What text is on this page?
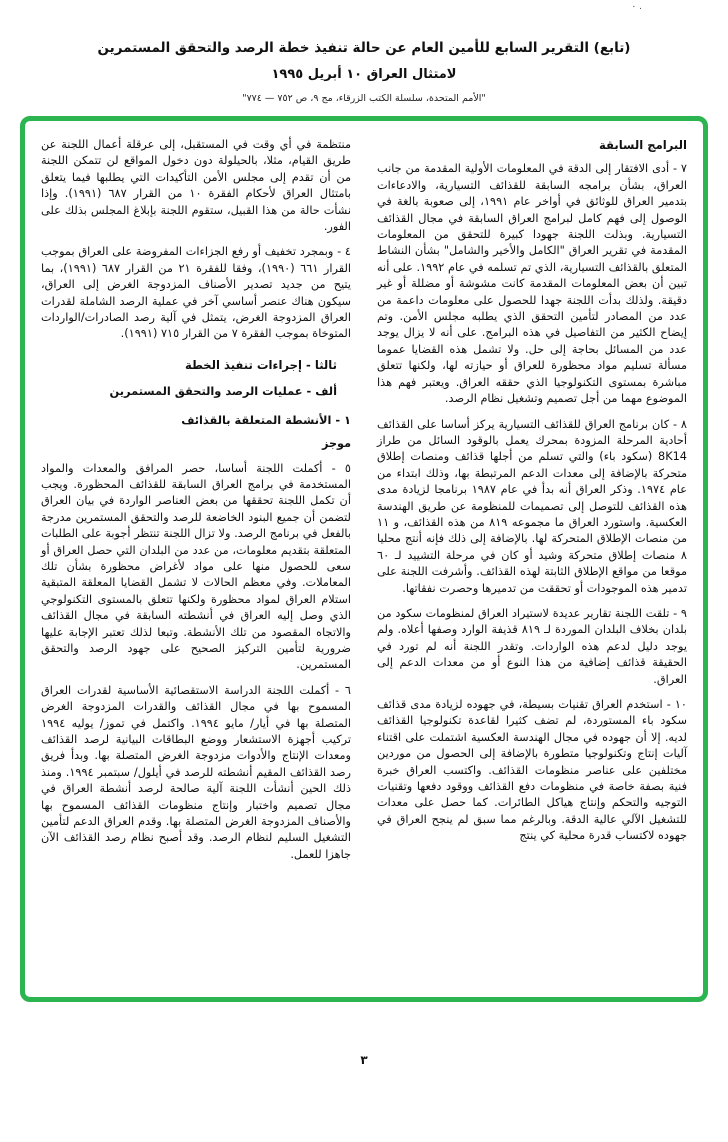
٠ .
(تابع) التقرير السابع للأمين العام عن حالة تنفيذ خطة الرصد والتحقق المستمرين
لامتثال العراق ١٠ أبريل ١٩٩٥
"الأمم المتحدة، سلسلة الكتب الزرقاء، مج ٩، ص ٧٥٢ — ٧٧٤"
البرامج السابقة

٧ - أدى الافتقار إلى الدقة في المعلومات الأولية المقدمة من جانب العراق، بشأن برامجه السابقة للقذائف التسيارية، والادعاءات بتدمير العراق للوثائق في أواخر عام ١٩٩١، إلى صعوبة بالغة في الوصول إلى فهم كامل لبرامج العراق السابقة في مجال القذائف التسيارية. وبذلت اللجنة جهودا كبيرة للتحقق من المعلومات المقدمة في تقرير العراق "الكامل والأخير والشامل" بشأن النشاط المتعلق بالقذائف التسيارية، الذي تم تسلمه في عام ١٩٩٢. على أنه تبين أن بعض المعلومات المقدمة كانت مشوشة أو مضللة أو غير دقيقة. ولذلك بدأت اللجنة جهدا للحصول على معلومات داعمة من عدد من المصادر لتأمين التحقق الذي يطلبه مجلس الأمن. وتم إيضاح الكثير من التفاصيل في هذه البرامج. على أنه لا يزال يوجد عدد من المسائل بحاجة إلى حل. ولا تشمل هذه القضايا عموما مسألة تسليم مواد محظورة للعراق أو حيازته لها، ولكنها تتعلق مباشرة بمستوى التكنولوجيا الذي حققه العراق. ويعتبر فهم هذا الموضوع مهما من أجل تصميم وتشغيل نظام الرصد.

٨ - كان برنامج العراق للقذائف التسيارية يركز أساسا على القذائف أحادية المرحلة المزودة بمحرك يعمل بالوقود السائل من طراز 8K14 (سكود باء) والتي تسلم من أجلها قذائف ومنصات إطلاق متحركة بالإضافة إلى معدات الدعم المرتبطة بها، وذلك ابتداء من عام ١٩٧٤. وذكر العراق أنه بدأ في عام ١٩٨٧ برنامجا لزيادة مدى هذه القذائف للتوصل إلى تصميمات للمنظومة عن طريق الهندسة العكسية. واستورد العراق ما مجموعه ٨١٩ من هذه القذائف، و ١١ من منصات الإطلاق المتحركة لها. بالإضافة إلى ذلك فإنه أنتج محليا ٨ منصات إطلاق متحركة وشيد أو كان في مرحلة التشييد لـ ٦٠ موقعا من مواقع الإطلاق الثابتة لهذه القذائف. وأشرفت اللجنة على تدمير هذه الموجودات أو تحققت من تدميرها وحصرت نفقاتها.

٩ - تلقت اللجنة تقارير عديدة لاستيراد العراق لمنظومات سكود من بلدان بخلاف البلدان الموردة لـ ٨١٩ قذيفة الوارد وصفها أعلاه. ولم يوجد دليل لدعم هذه الواردات. وتقدر اللجنة أنه لم تورد في الحقيقة قذائف إضافية من هذا النوع أو من معدات الدعم إلى العراق.

١٠ - استخدم العراق تقنيات بسيطة، في جهوده لزيادة مدى قذائف سكود باء المستوردة، لم تضف كثيرا لقاعدة تكنولوجيا القذائف لديه. إلا أن جهوده في مجال الهندسة العكسية اشتملت على اقتناء آليات إنتاج وتكنولوجيا متطورة بالإضافة إلى الحصول من موردين مختلفين على عناصر منظومات القذائف. واكتسب العراق خبرة فنية بصفة خاصة في منظومات دفع القذائف ووقود دفعها وتقنيات التوجيه والتحكم وإنتاج هياكل الطائرات. كما حصل على معدات للتشغيل الآلي عالية الدقة. وبالرغم مما سبق لم ينجح العراق في جهوده لاكتساب قدرة محلية كي ينتج

منتظمة في أي وقت في المستقبل، إلى عرقلة أعمال اللجنة عن طريق القيام، مثلا، بالحيلولة دون دخول المواقع لن تتمكن اللجنة من أن تقدم إلى مجلس الأمن التأكيدات التي يطلبها فيما يتعلق بامتثال العراق لأحكام الفقرة ١٠ من القرار ٦٨٧ (١٩٩١). وإذا نشأت حالة من هذا القبيل، ستقوم اللجنة بإبلاغ المجلس بذلك على الفور.

٤ - وبمجرد تخفيف أو رفع الجزاءات المفروضة على العراق بموجب القرار ٦٦١ (١٩٩٠)، وفقا للفقرة ٢١ من القرار ٦٨٧ (١٩٩١)، بما يتيح من جديد تصدير الأصناف المزدوجة الغرض إلى العراق، سيكون هناك عنصر أساسي آخر في عملية الرصد الشاملة لقدرات العراق المزدوجة الغرض، يتمثل في آلية رصد الصادرات/الواردات المتوخاة بموجب الفقرة ٧ من القرار ٧١٥ (١٩٩١).

ثالثا - إجراءات تنفيذ الخطة
ألف - عمليات الرصد والتحقق المستمرين
١ - الأنشطة المتعلقة بالقذائف
موجز

٥ - أكملت اللجنة أساسا، حصر المرافق والمعدات والمواد المستخدمة في برامج العراق السابقة للقذائف المحظورة. ويجب أن تكمل اللجنة تحققها من بعض العناصر الواردة في بيان العراق لتضمن أن جميع البنود الخاضعة للرصد والتحقق المستمرين مدرجة بالفعل في برنامج الرصد. ولا تزال اللجنة تنتظر أجوبة على الطلبات المتعلقة بتقديم معلومات، من عدد من البلدان التي حصل العراق أو سعى للحصول منها على مواد لأغراض محظورة بشأن تلك المعاملات. وفي معظم الحالات لا تشمل القضايا المعلقة المتبقية استلام العراق لمواد محظورة ولكنها تتعلق بالمستوى التكنولوجي الذي وصل إليه العراق في أنشطته السابقة في مجال القذائف والاتجاه المقصود من تلك الأنشطة. وتبعا لذلك تعتبر الإجابة عليها ضرورية لتأمين التركيز الصحيح على جهود الرصد والتحقق المستمرين.

٦ - أكملت اللجنة الدراسة الاستقصائية الأساسية لقدرات العراق المسموح بها في مجال القذائف والقدرات المزدوجة الغرض المتصلة بها في أيار/ مايو ١٩٩٤. واكتمل في تموز/ يوليه ١٩٩٤ تركيب أجهزة الاستشعار ووضع البطاقات البيانية لرصد القذائف ومعدات الإنتاج والأدوات مزدوجة الغرض المتصلة بها. وبدأ فريق رصد القذائف المقيم أنشطته للرصد في أيلول/ سبتمبر ١٩٩٤. ومنذ ذلك الحين أنشأت اللجنة آلية صالحة لرصد أنشطة العراق في مجال تصميم واختبار وإنتاج منظومات القذائف المسموح بها والأصناف المزدوجة الغرض المتصلة بها. وقدم العراق الدعم لتأمين التشغيل السليم لنظام الرصد. وقد أصبح نظام رصد القذائف الآن جاهزا للعمل.

٣
